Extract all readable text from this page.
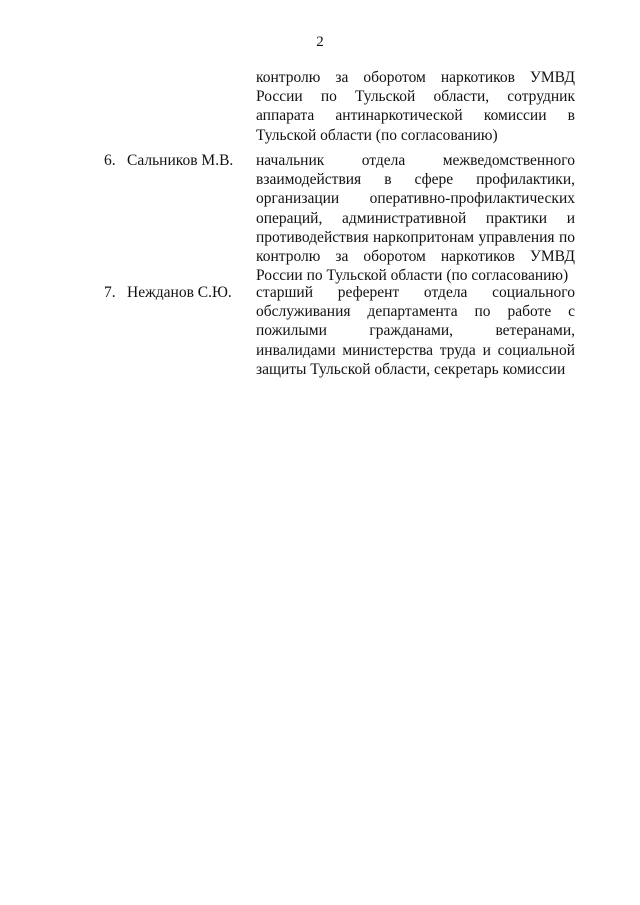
2
контролю за оборотом наркотиков УМВД России по Тульской области, сотрудник аппарата антинаркотической комиссии в Тульской области (по согласованию)
6. Сальников М.В. начальник отдела межведомственного взаимодействия в сфере профилактики, организации оперативно-профилактических операций, административной практики и противодействия наркопритонам управления по контролю за оборотом наркотиков УМВД России по Тульской области (по согласованию)
7. Нежданов С.Ю. старший референт отдела социального обслуживания департамента по работе с пожилыми гражданами, ветеранами, инвалидами министерства труда и социальной защиты Тульской области, секретарь комиссии
